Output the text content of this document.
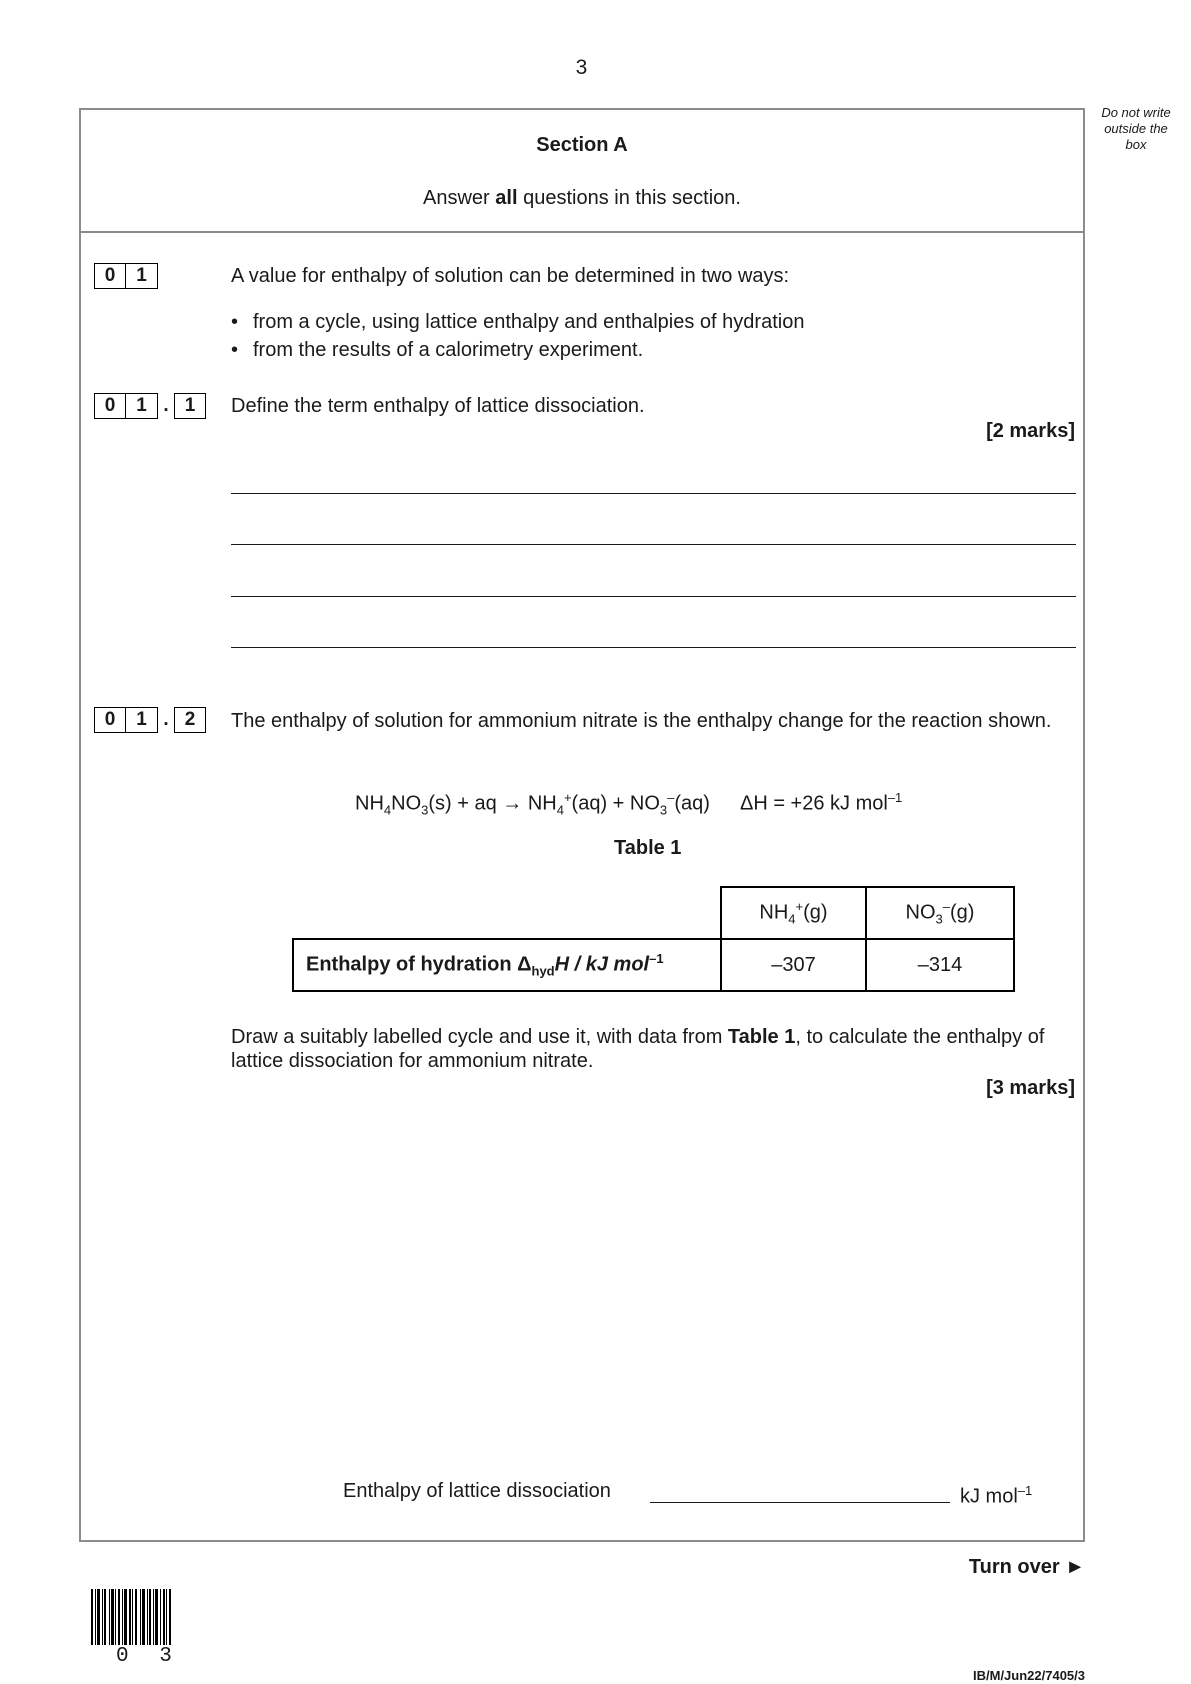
3
Do not write outside the box
Section A
Answer all questions in this section.
0	1	A value for enthalpy of solution can be determined in two ways:
• from a cycle, using lattice enthalpy and enthalpies of hydration
• from the results of a calorimetry experiment.
0	1 . 1	Define the term enthalpy of lattice dissociation.
[2 marks]
0	1 . 2	The enthalpy of solution for ammonium nitrate is the enthalpy change for the reaction shown.
$NH_4NO_3(s)$ + aq → $NH_4^+(aq) + NO_3^-(aq) \Delta H = +26$ kJ mol$^{-1}$
Table 1
	$NH_4^+(g)$	$NO_3^-(g)$
Enthalpy of hydration $\Delta_{hyd}H$ / kJ mol$^{-1}$	–307	–314
Draw a suitably labelled cycle and use it, with data from Table 1, to calculate the enthalpy of lattice dissociation for ammonium nitrate.
[3 marks]
Enthalpy of lattice dissociation	kJ mol$^{-1}$
Turn over ►
0 3
IB/M/Jun22/7405/3
